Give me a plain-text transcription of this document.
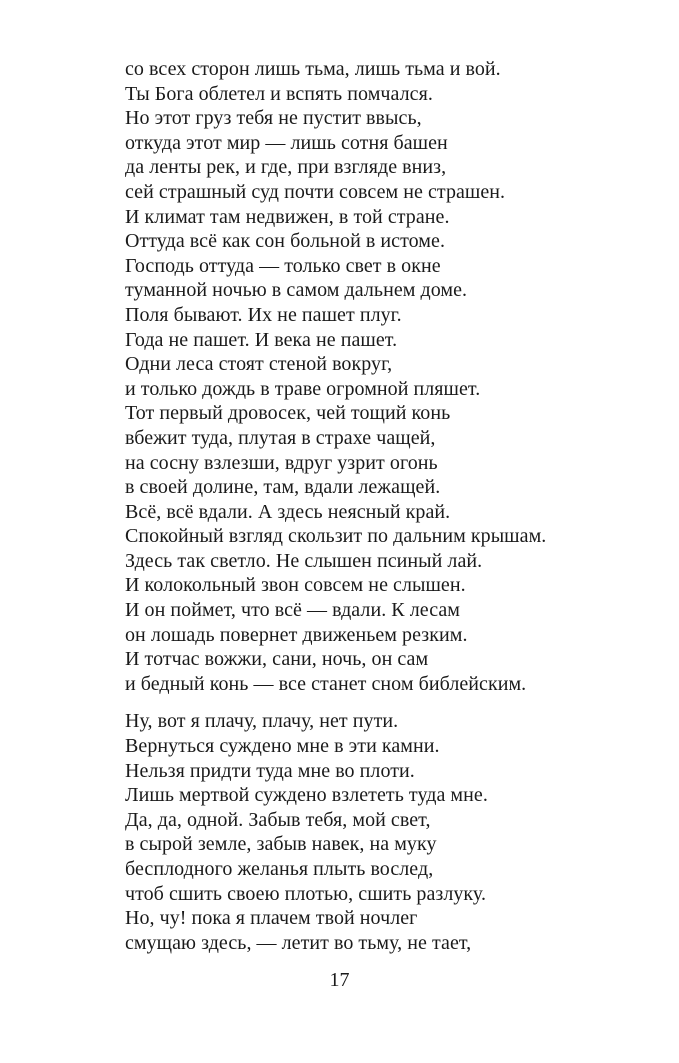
со всех сторон лишь тьма, лишь тьма и вой.
Ты Бога облетел и вспять помчался.
Но этот груз тебя не пустит ввысь,
откуда этот мир — лишь сотня башен
да ленты рек, и где, при взгляде вниз,
сей страшный суд почти совсем не страшен.
И климат там недвижен, в той стране.
Оттуда всё как сон больной в истоме.
Господь оттуда — только свет в окне
туманной ночью в самом дальнем доме.
Поля бывают. Их не пашет плуг.
Года не пашет. И века не пашет.
Одни леса стоят стеной вокруг,
и только дождь в траве огромной пляшет.
Тот первый дровосек, чей тощий конь
вбежит туда, плутая в страхе чащей,
на сосну взлезши, вдруг узрит огонь
в своей долине, там, вдали лежащей.
Всё, всё вдали. А здесь неясный край.
Спокойный взгляд скользит по дальним крышам.
Здесь так светло. Не слышен псиный лай.
И колокольный звон совсем не слышен.
И он поймет, что всё — вдали. К лесам
он лошадь повернет движеньем резким.
И тотчас вожжи, сани, ночь, он сам
и бедный конь — все станет сном библейским.
Ну, вот я плачу, плачу, нет пути.
Вернуться суждено мне в эти камни.
Нельзя придти туда мне во плоти.
Лишь мертвой суждено взлететь туда мне.
Да, да, одной. Забыв тебя, мой свет,
в сырой земле, забыв навек, на муку
бесплодного желанья плыть вослед,
чтоб сшить своею плотью, сшить разлуку.
Но, чу! пока я плачем твой ночлег
смущаю здесь, — летит во тьму, не тает,
17
